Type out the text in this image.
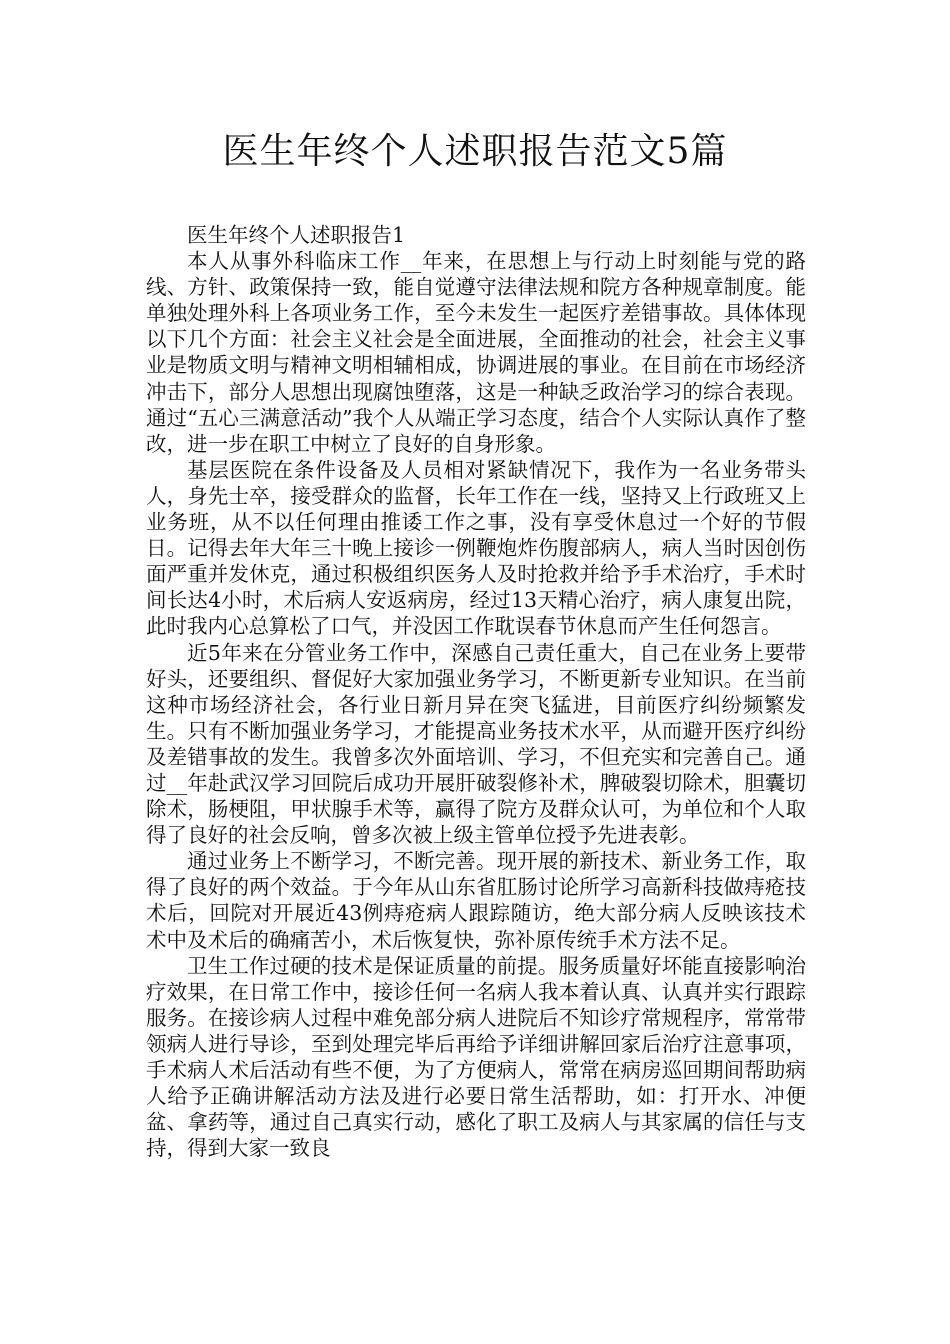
医生年终个人述职报告范文5篇

医生年终个人述职报告1

本人从事外科临床工作__年来，在思想上与行动上时刻能与党的路线、方针、政策保持一致，能自觉遵守法律法规和院方各种规章制度。能单独处理外科上各项业务工作，至今未发生一起医疗差错事故。具体体现以下几个方面：社会主义社会是全面进展，全面推动的社会，社会主义事业是物质文明与精神文明相辅相成，协调进展的事业。在目前在市场经济冲击下，部分人思想出现腐蚀堕落，这是一种缺乏政治学习的综合表现。通过“五心三满意活动”我个人从端正学习态度，结合个人实际认真作了整改，进一步在职工中树立了良好的自身形象。

基层医院在条件设备及人员相对紧缺情况下，我作为一名业务带头人，身先士卒，接受群众的监督，长年工作在一线，坚持又上行政班又上业务班，从不以任何理由推诿工作之事，没有享受休息过一个好的节假日。记得去年大年三十晚上接诊一例鞭炮炸伤腹部病人，病人当时因创伤面严重并发休克，通过积极组织医务人及时抢救并给予手术治疗，手术时间长达4小时，术后病人安返病房，经过13天精心治疗，病人康复出院，此时我内心总算松了口气，并没因工作耽误春节休息而产生任何怨言。

近5年来在分管业务工作中，深感自己责任重大，自己在业务上要带好头，还要组织、督促好大家加强业务学习，不断更新专业知识。在当前这种市场经济社会，各行业日新月异在突飞猛进，目前医疗纠纷频繁发生。只有不断加强业务学习，才能提高业务技术水平，从而避开医疗纠纷及差错事故的发生。我曾多次外面培训、学习，不但充实和完善自己。通过__年赴武汉学习回院后成功开展肝破裂修补术，脾破裂切除术，胆囊切除术，肠梗阻，甲状腺手术等，赢得了院方及群众认可，为单位和个人取得了良好的社会反响，曾多次被上级主管单位授予先进表彰。

通过业务上不断学习，不断完善。现开展的新技术、新业务工作，取得了良好的两个效益。于今年从山东省肛肠讨论所学习高新科技做痔疮技术后，回院对开展近43例痔疮病人跟踪随访，绝大部分病人反映该技术术中及术后的确痛苦小，术后恢复快，弥补原传统手术方法不足。

卫生工作过硬的技术是保证质量的前提。服务质量好坏能直接影响治疗效果，在日常工作中，接诊任何一名病人我本着认真、认真并实行跟踪服务。在接诊病人过程中难免部分病人进院后不知诊疗常规程序，常常带领病人进行导诊，至到处理完毕后再给予详细讲解回家后治疗注意事项，手术病人术后活动有些不便，为了方便病人，常常在病房巡回期间帮助病人给予正确讲解活动方法及进行必要日常生活帮助，如：打开水、冲便盆、拿药等，通过自己真实行动，感化了职工及病人与其家属的信任与支持，得到大家一致良
